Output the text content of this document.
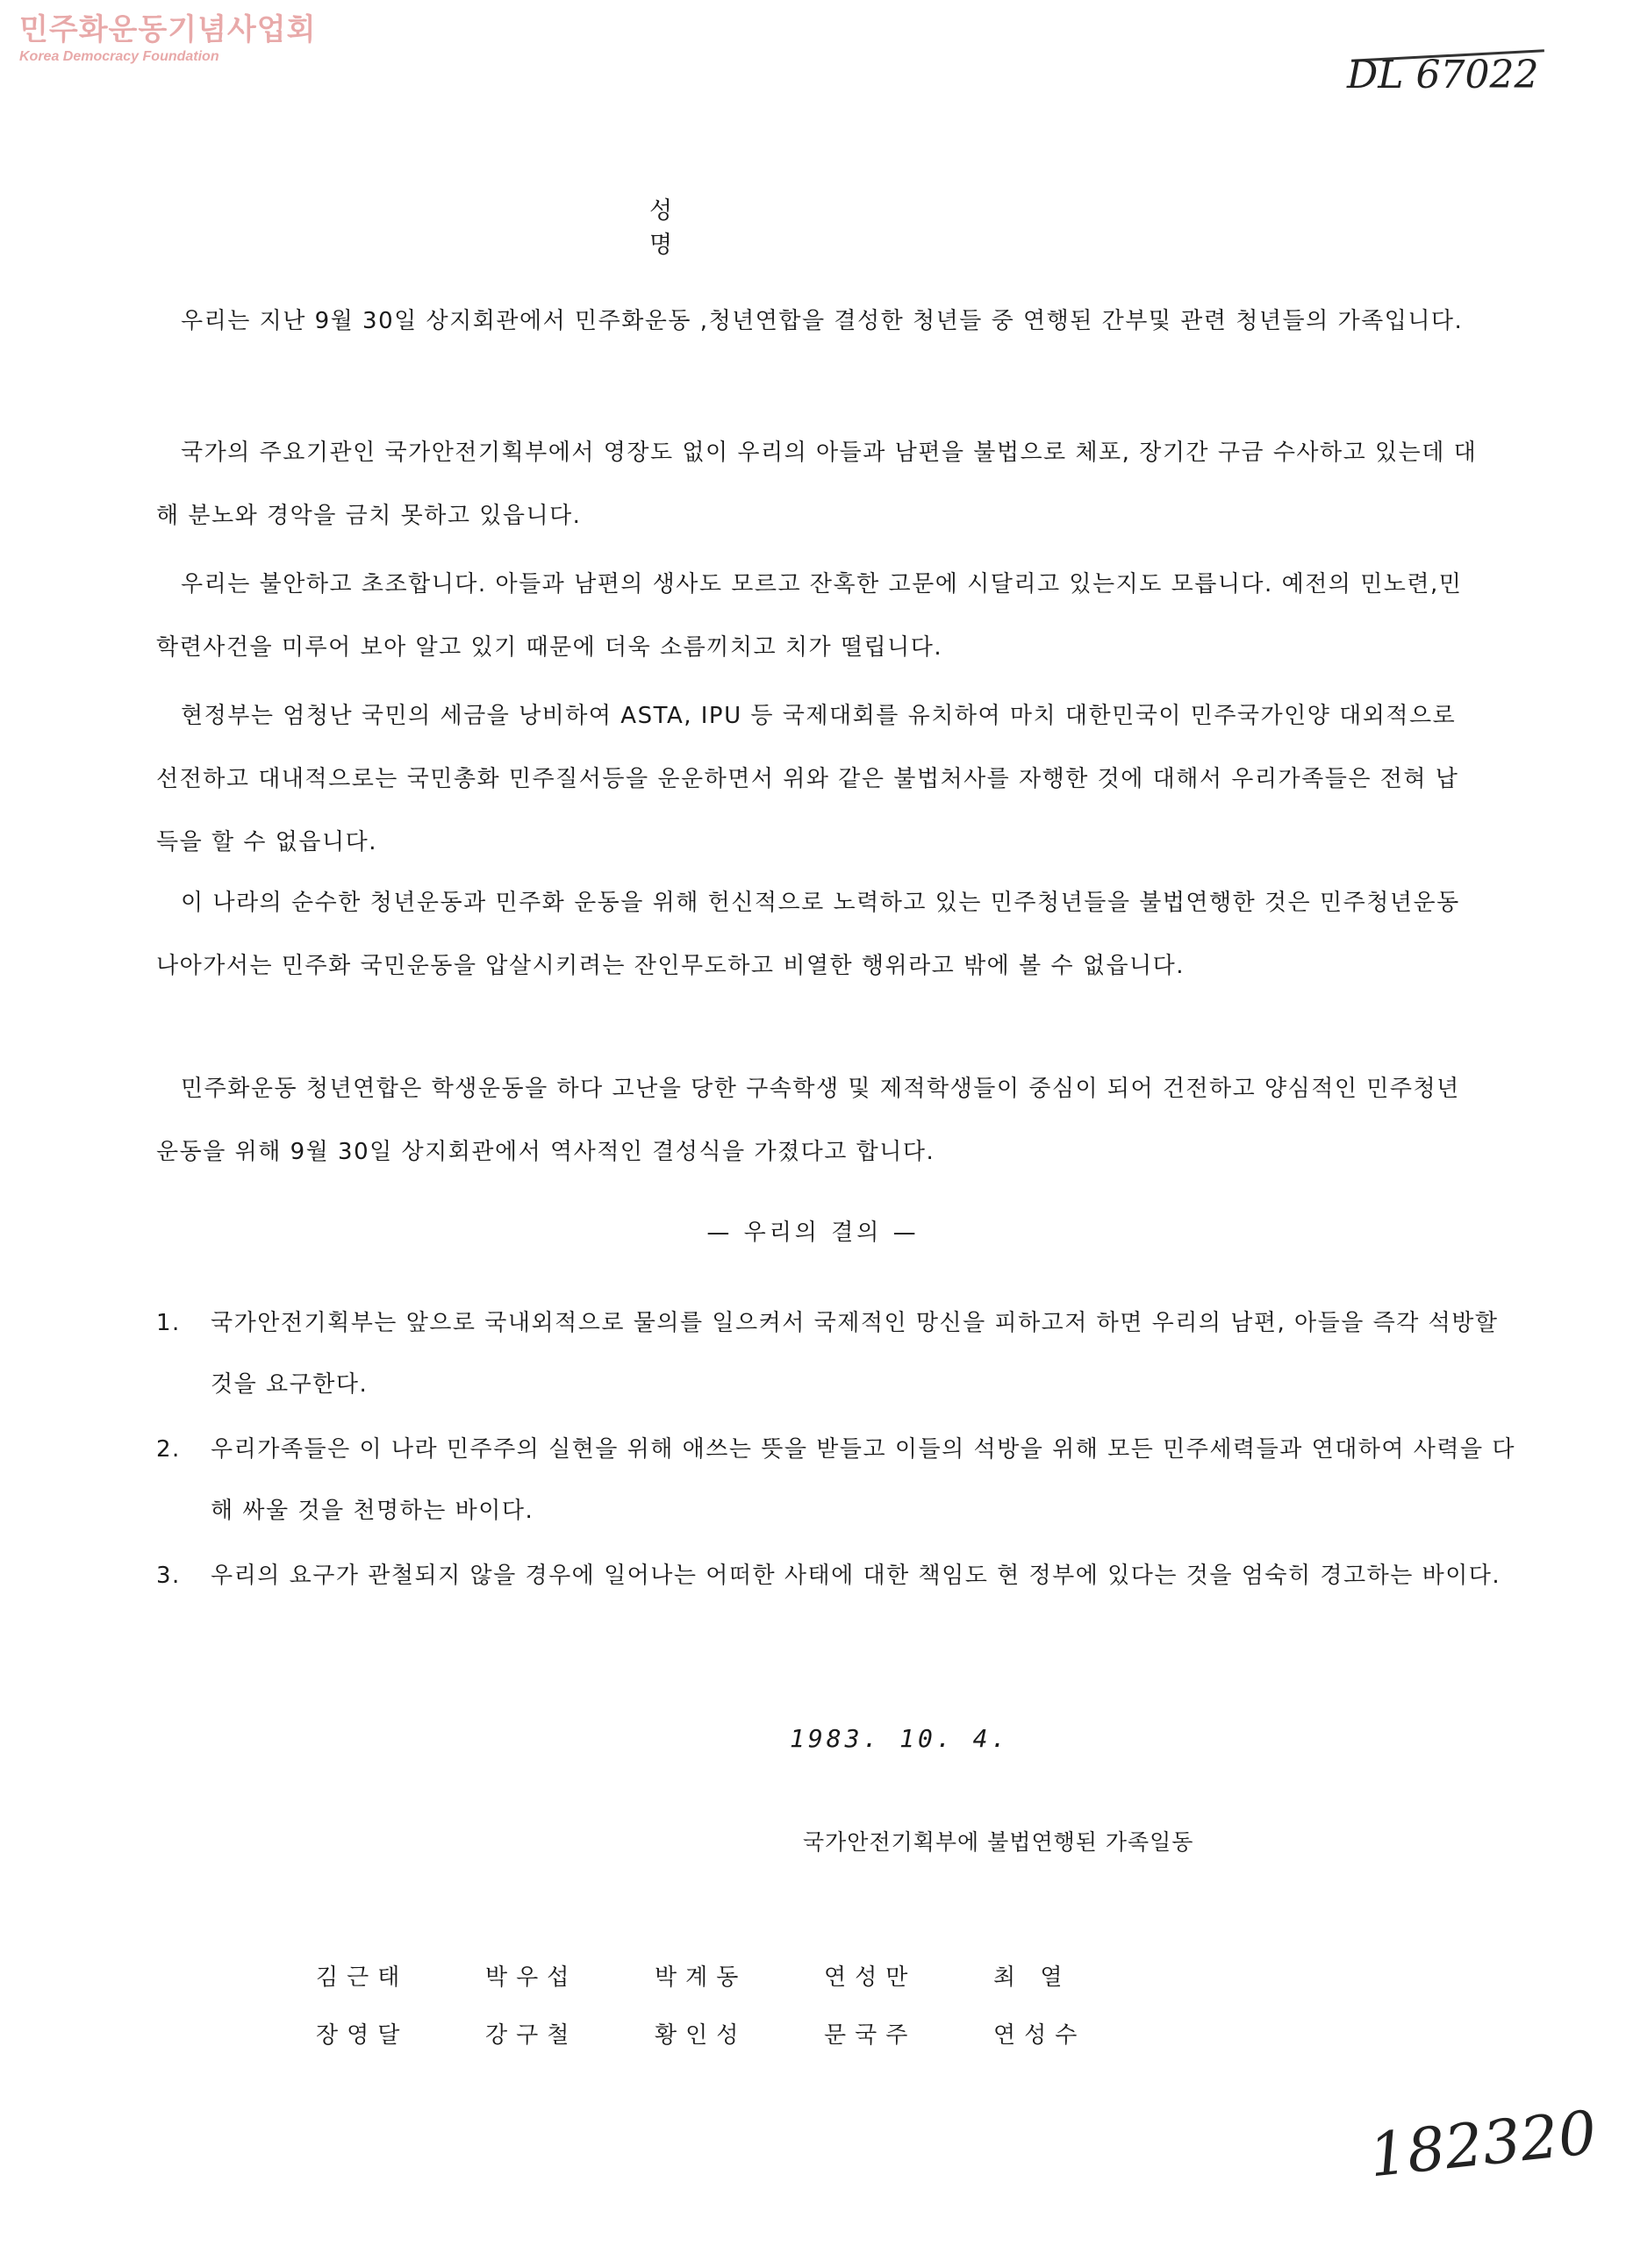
민주화운동기념사업회
Korea Democracy Foundation	DL 67022
성 명

우리는 지난 9월 30일 상지회관에서 민주화운동 ,청년연합을 결성한 청년들 중 연행된 간부및 관련 청년들의 가족입니다.

국가의 주요기관인 국가안전기획부에서 영장도 없이 우리의 아들과 남편을 불법으로 체포, 장기간 구금 수사하고 있는데 대해 분노와 경악을 금치 못하고 있읍니다.

우리는 불안하고 초조합니다. 아들과 남편의 생사도 모르고 잔혹한 고문에 시달리고 있는지도 모릅니다. 예전의 민노련,민학련사건을 미루어 보아 알고 있기 때문에 더욱 소름끼치고 치가 떨립니다.

현정부는 엄청난 국민의 세금을 낭비하여 ASTA, IPU 등 국제대회를 유치하여 마치 대한민국이 민주국가인양 대외적으로 선전하고 대내적으로는 국민총화 민주질서등을 운운하면서 위와 같은 불법처사를 자행한 것에 대해서 우리가족들은 전혀 납득을 할 수 없읍니다.

이 나라의 순수한 청년운동과 민주화 운동을 위해 헌신적으로 노력하고 있는 민주청년들을 불법연행한 것은 민주청년운동 나아가서는 민주화 국민운동을 압살시키려는 잔인무도하고 비열한 행위라고 밖에 볼 수 없읍니다.

민주화운동 청년연합은 학생운동을 하다 고난을 당한 구속학생 및 제적학생들이 중심이 되어 건전하고 양심적인 민주청년운동을 위해 9월 30일 상지회관에서 역사적인 결성식을 가졌다고 합니다.

— 우리의 결의 —
1.	국가안전기획부는 앞으로 국내외적으로 물의를 일으켜서 국제적인 망신을 피하고저 하면 우리의 남편, 아들을 즉각 석방할 것을 요구한다.
2.	우리가족들은 이 나라 민주주의 실현을 위해 애쓰는 뜻을 받들고 이들의 석방을 위해 모든 민주세력들과 연대하여 사력을 다해 싸울 것을 천명하는 바이다.
3.	우리의 요구가 관철되지 않을 경우에 일어나는 어떠한 사태에 대한 책임도 현 정부에 있다는 것을 엄숙히 경고하는 바이다.
1983. 10. 4.
국가안전기획부에 불법연행된 가족일동
김근태	박우섭	박계동	연성만	최 열
장영달	강구철	황인성	문국주	연성수
182320
